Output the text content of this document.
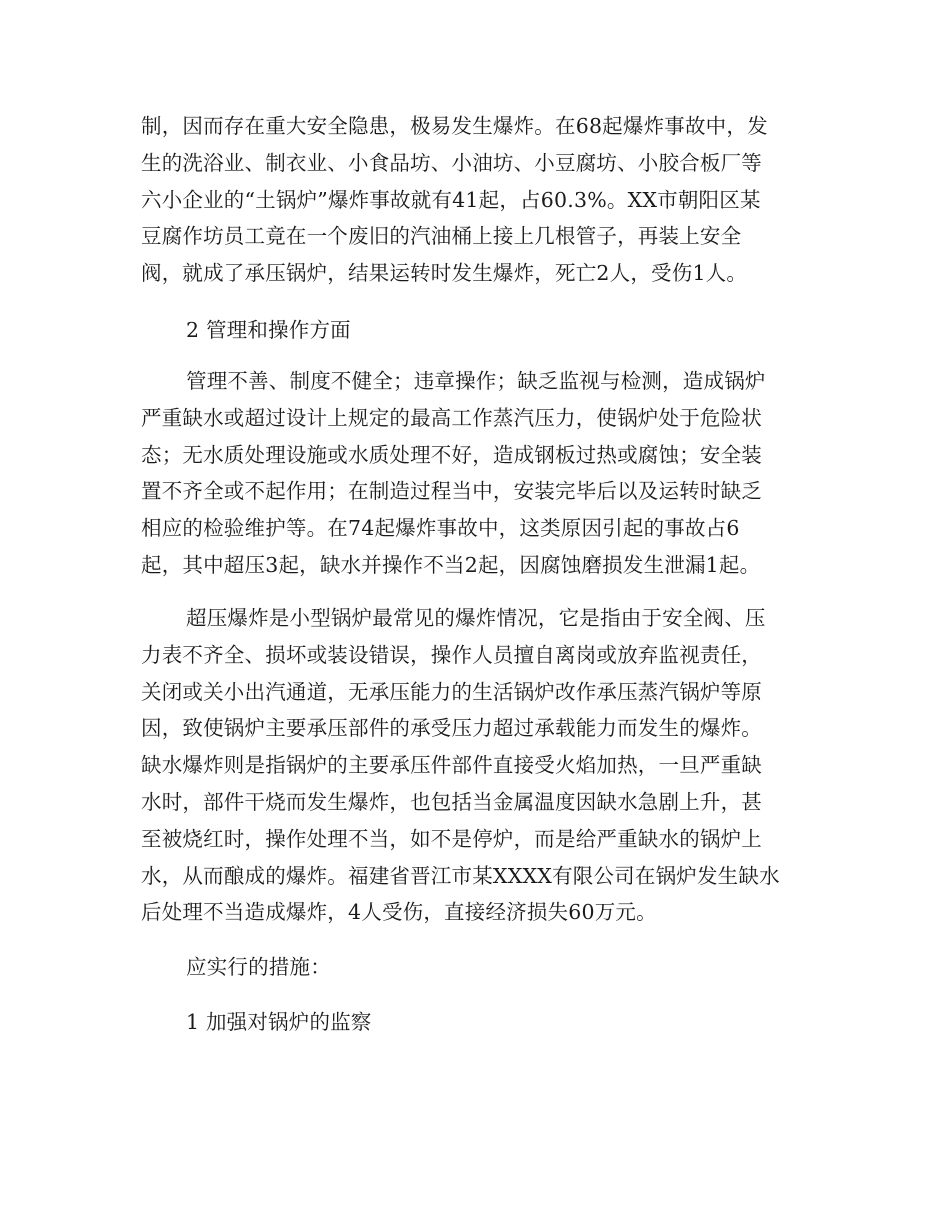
制，因而存在重大安全隐患，极易发生爆炸。在68起爆炸事故中，发
生的洗浴业、制衣业、小食品坊、小油坊、小豆腐坊、小胶合板厂等
六小企业的“土锅炉”爆炸事故就有41起，占60.3%。XX市朝阳区某
豆腐作坊员工竟在一个废旧的汽油桶上接上几根管子，再装上安全
阀，就成了承压锅炉，结果运转时发生爆炸，死亡2人，受伤1人。
2 管理和操作方面
管理不善、制度不健全；违章操作；缺乏监视与检测，造成锅炉
严重缺水或超过设计上规定的最高工作蒸汽压力，使锅炉处于危险状
态；无水质处理设施或水质处理不好，造成钢板过热或腐蚀；安全装
置不齐全或不起作用；在制造过程当中，安装完毕后以及运转时缺乏
相应的检验维护等。在74起爆炸事故中，这类原因引起的事故占6
起，其中超压3起，缺水并操作不当2起，因腐蚀磨损发生泄漏1起。
超压爆炸是小型锅炉最常见的爆炸情况，它是指由于安全阀、压
力表不齐全、损坏或装设错误，操作人员擅自离岗或放弃监视责任，
关闭或关小出汽通道，无承压能力的生活锅炉改作承压蒸汽锅炉等原
因，致使锅炉主要承压部件的承受压力超过承载能力而发生的爆炸。
缺水爆炸则是指锅炉的主要承压件部件直接受火焰加热，一旦严重缺
水时，部件干烧而发生爆炸，也包括当金属温度因缺水急剧上升，甚
至被烧红时，操作处理不当，如不是停炉，而是给严重缺水的锅炉上
水，从而酿成的爆炸。福建省晋江市某XXXX有限公司在锅炉发生缺水
后处理不当造成爆炸，4人受伤，直接经济损失60万元。
应实行的措施：
1 加强对锅炉的监察
